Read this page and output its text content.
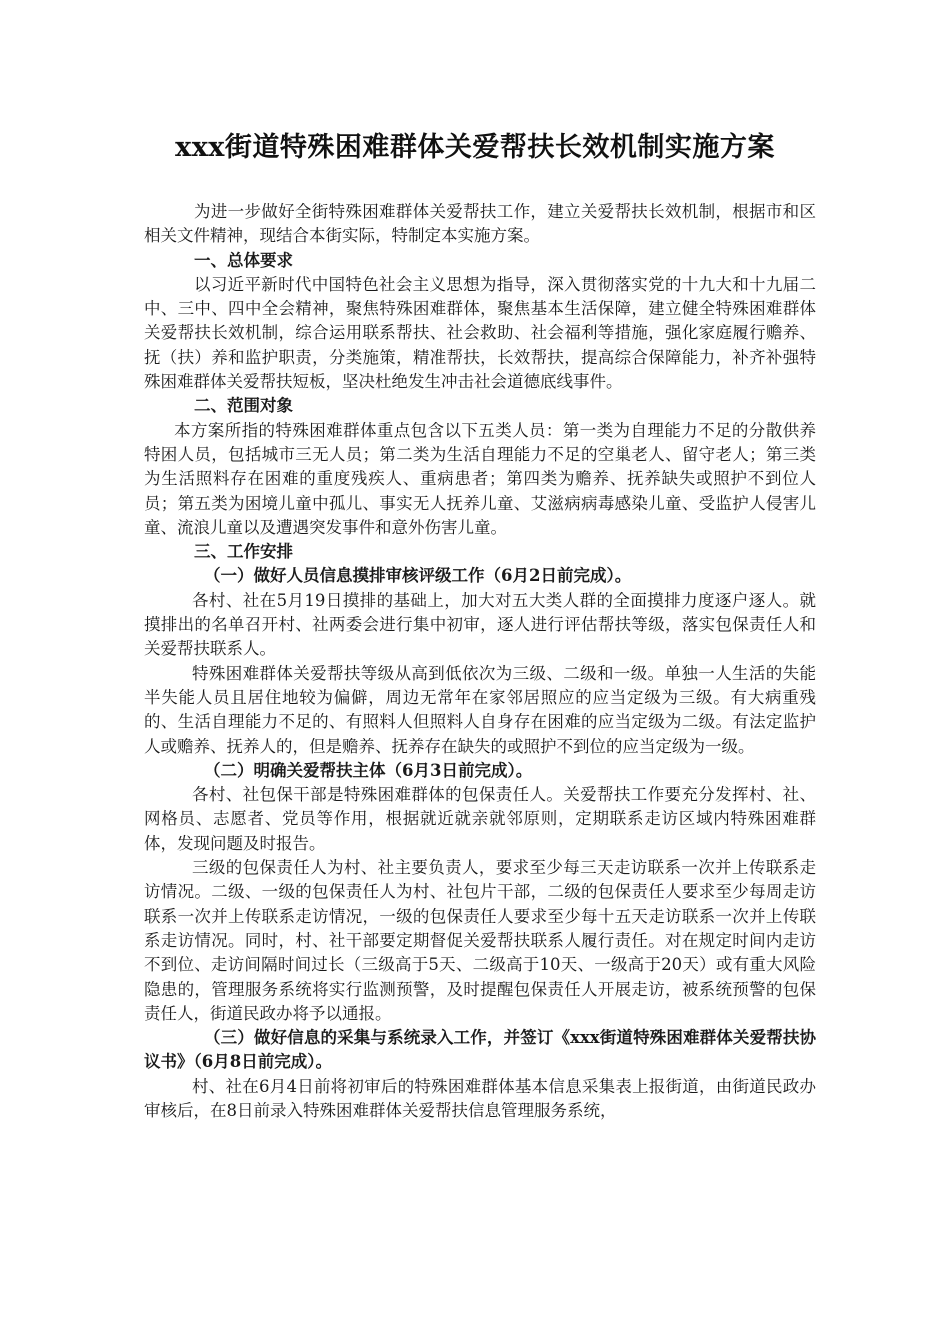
xxx街道特殊困难群体关爱帮扶长效机制实施方案

为进一步做好全街特殊困难群体关爱帮扶工作，建立关爱帮扶长效机制，根据市和区相关文件精神，现结合本街实际，特制定本实施方案。

一、总体要求

以习近平新时代中国特色社会主义思想为指导，深入贯彻落实党的十九大和十九届二中、三中、四中全会精神，聚焦特殊困难群体，聚焦基本生活保障，建立健全特殊困难群体关爱帮扶长效机制，综合运用联系帮扶、社会救助、社会福利等措施，强化家庭履行赡养、抚（扶）养和监护职责，分类施策，精准帮扶，长效帮扶，提高综合保障能力，补齐补强特殊困难群体关爱帮扶短板，坚决杜绝发生冲击社会道德底线事件。

二、范围对象

本方案所指的特殊困难群体重点包含以下五类人员：第一类为自理能力不足的分散供养特困人员，包括城市三无人员；第二类为生活自理能力不足的空巢老人、留守老人；第三类为生活照料存在困难的重度残疾人、重病患者；第四类为赡养、抚养缺失或照护不到位人员；第五类为困境儿童中孤儿、事实无人抚养儿童、艾滋病病毒感染儿童、受监护人侵害儿童、流浪儿童以及遭遇突发事件和意外伤害儿童。

三、工作安排
（一）做好人员信息摸排审核评级工作（6月2日前完成）。

各村、社在5月19日摸排的基础上，加大对五大类人群的全面摸排力度逐户逐人。就摸排出的名单召开村、社两委会进行集中初审，逐人进行评估帮扶等级，落实包保责任人和关爱帮扶联系人。

特殊困难群体关爱帮扶等级从高到低依次为三级、二级和一级。单独一人生活的失能半失能人员且居住地较为偏僻，周边无常年在家邻居照应的应当定级为三级。有大病重残的、生活自理能力不足的、有照料人但照料人自身存在困难的应当定级为二级。有法定监护人或赡养、抚养人的，但是赡养、抚养存在缺失的或照护不到位的应当定级为一级。

（二）明确关爱帮扶主体（6月3日前完成）。

各村、社包保干部是特殊困难群体的包保责任人。关爱帮扶工作要充分发挥村、社、网格员、志愿者、党员等作用，根据就近就亲就邻原则，定期联系走访区域内特殊困难群体，发现问题及时报告。

三级的包保责任人为村、社主要负责人，要求至少每三天走访联系一次并上传联系走访情况。二级、一级的包保责任人为村、社包片干部，二级的包保责任人要求至少每周走访联系一次并上传联系走访情况，一级的包保责任人要求至少每十五天走访联系一次并上传联系走访情况。同时，村、社干部要定期督促关爱帮扶联系人履行责任。对在规定时间内走访不到位、走访间隔时间过长（三级高于5天、二级高于10天、一级高于20天）或有重大风险隐患的，管理服务系统将实行监测预警，及时提醒包保责任人开展走访，被系统预警的包保责任人，街道民政办将予以通报。

（三）做好信息的采集与系统录入工作，并签订《xxx街道特殊困难群体关爱帮扶协议书》（6月8日前完成）。

村、社在6月4日前将初审后的特殊困难群体基本信息采集表上报街道，由街道民政办审核后，在8日前录入特殊困难群体关爱帮扶信息管理服务系统，
